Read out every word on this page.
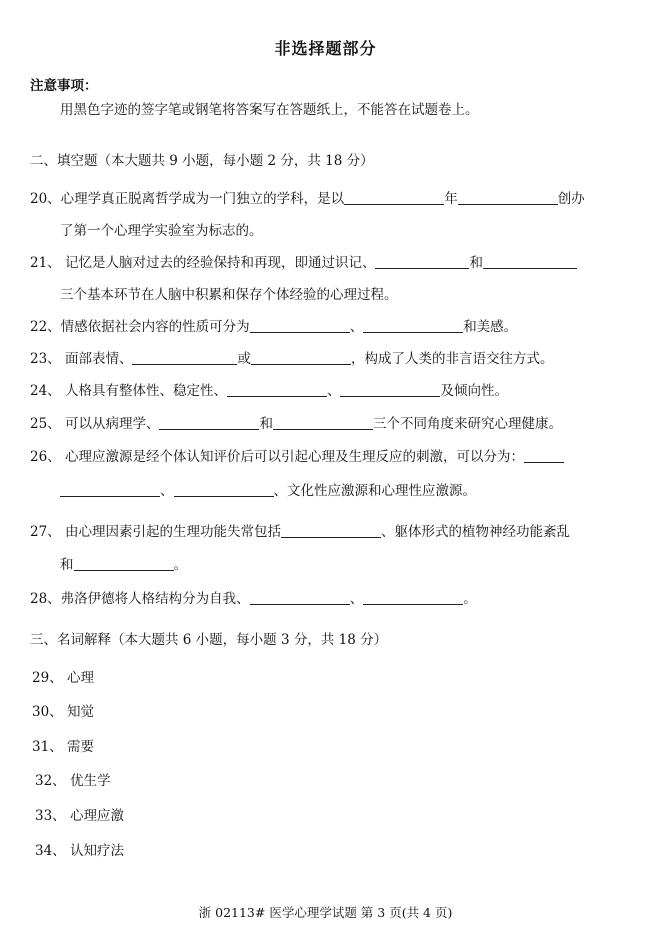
非选择题部分
注意事项：
用黑色字迹的签字笔或钢笔将答案写在答题纸上，不能答在试题卷上。
二、填空题（本大题共 9 小题，每小题 2 分，共 18 分）
20、心理学真正脱离哲学成为一门独立的学科，是以	年	创办
了第一个心理学实验室为标志的。
21、 记忆是人脑对过去的经验保持和再现，即通过识记、	和
三个基本环节在人脑中积累和保存个体经验的心理过程。
22、情感依据社会内容的性质可分为	、	和美感。
23、 面部表情、	或	，构成了人类的非言语交往方式。
24、 人格具有整体性、稳定性、	、	及倾向性。
25、 可以从病理学、	和	三个不同角度来研究心理健康。
26、 心理应激源是经个体认知评价后可以引起心理及生理反应的刺激，可以分为：
、	、文化性应激源和心理性应激源。
27、 由心理因素引起的生理功能失常包括	、躯体形式的植物神经功能紊乱
和	。
28、弗洛伊德将人格结构分为自我、	、	。
三、名词解释（本大题共 6 小题，每小题 3 分，共 18 分）
29、 心理
30、 知觉
31、 需要
32、 优生学
33、 心理应激
34、 认知疗法
浙 02113# 医学心理学试题 第 3 页(共 4 页)
